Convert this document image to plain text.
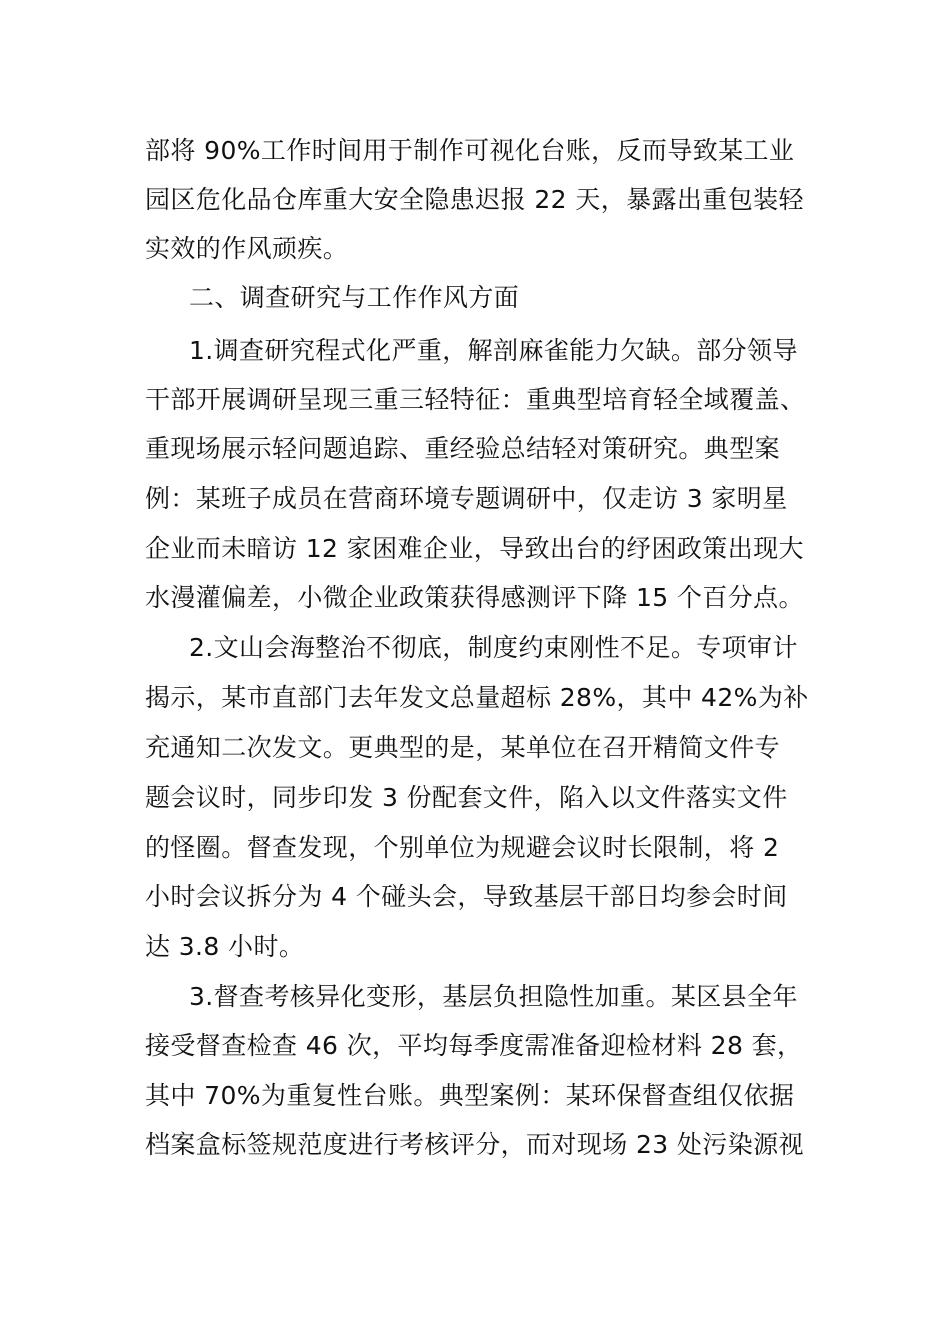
部将 90%工作时间用于制作可视化台账，反而导致某工业
园区危化品仓库重大安全隐患迟报 22 天，暴露出重包装轻
实效的作风顽疾。
二、调查研究与工作作风方面
1.调查研究程式化严重，解剖麻雀能力欠缺。部分领导
干部开展调研呈现三重三轻特征：重典型培育轻全域覆盖、
重现场展示轻问题追踪、重经验总结轻对策研究。典型案
例：某班子成员在营商环境专题调研中，仅走访 3 家明星
企业而未暗访 12 家困难企业，导致出台的纾困政策出现大
水漫灌偏差，小微企业政策获得感测评下降 15 个百分点。
2.文山会海整治不彻底，制度约束刚性不足。专项审计
揭示，某市直部门去年发文总量超标 28%，其中 42%为补
充通知二次发文。更典型的是，某单位在召开精简文件专
题会议时，同步印发 3 份配套文件，陷入以文件落实文件
的怪圈。督查发现，个别单位为规避会议时长限制，将 2
小时会议拆分为 4 个碰头会，导致基层干部日均参会时间
达 3.8 小时。
3.督查考核异化变形，基层负担隐性加重。某区县全年
接受督查检查 46 次，平均每季度需准备迎检材料 28 套，
其中 70%为重复性台账。典型案例：某环保督查组仅依据
档案盒标签规范度进行考核评分，而对现场 23 处污染源视
